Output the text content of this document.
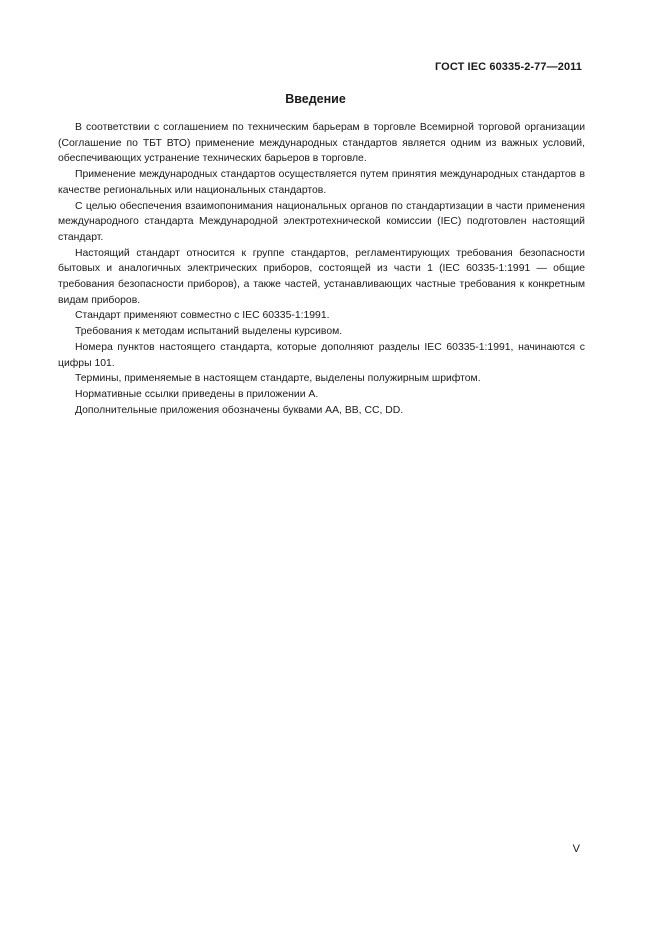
ГОСТ IEC 60335-2-77—2011
Введение

В соответствии с соглашением по техническим барьерам в торговле Всемирной торговой организации (Соглашение по ТБТ ВТО) применение международных стандартов является одним из важных условий, обеспечивающих устранение технических барьеров в торговле.

Применение международных стандартов осуществляется путем принятия международных стандартов в качестве региональных или национальных стандартов.

С целью обеспечения взаимопонимания национальных органов по стандартизации в части применения международного стандарта Международной электротехнической комиссии (IEC) подготовлен настоящий стандарт.

Настоящий стандарт относится к группе стандартов, регламентирующих требования безопасности бытовых и аналогичных электрических приборов, состоящей из части 1 (IEC 60335-1:1991 — общие требования безопасности приборов), а также частей, устанавливающих частные требования к конкретным видам приборов.

Стандарт применяют совместно с IEC 60335-1:1991.

Требования к методам испытаний выделены курсивом.

Номера пунктов настоящего стандарта, которые дополняют разделы IEC 60335-1:1991, начинаются с цифры 101.

Термины, применяемые в настоящем стандарте, выделены полужирным шрифтом.

Нормативные ссылки приведены в приложении А.

Дополнительные приложения обозначены буквами АА, ВВ, СС, DD.

V
